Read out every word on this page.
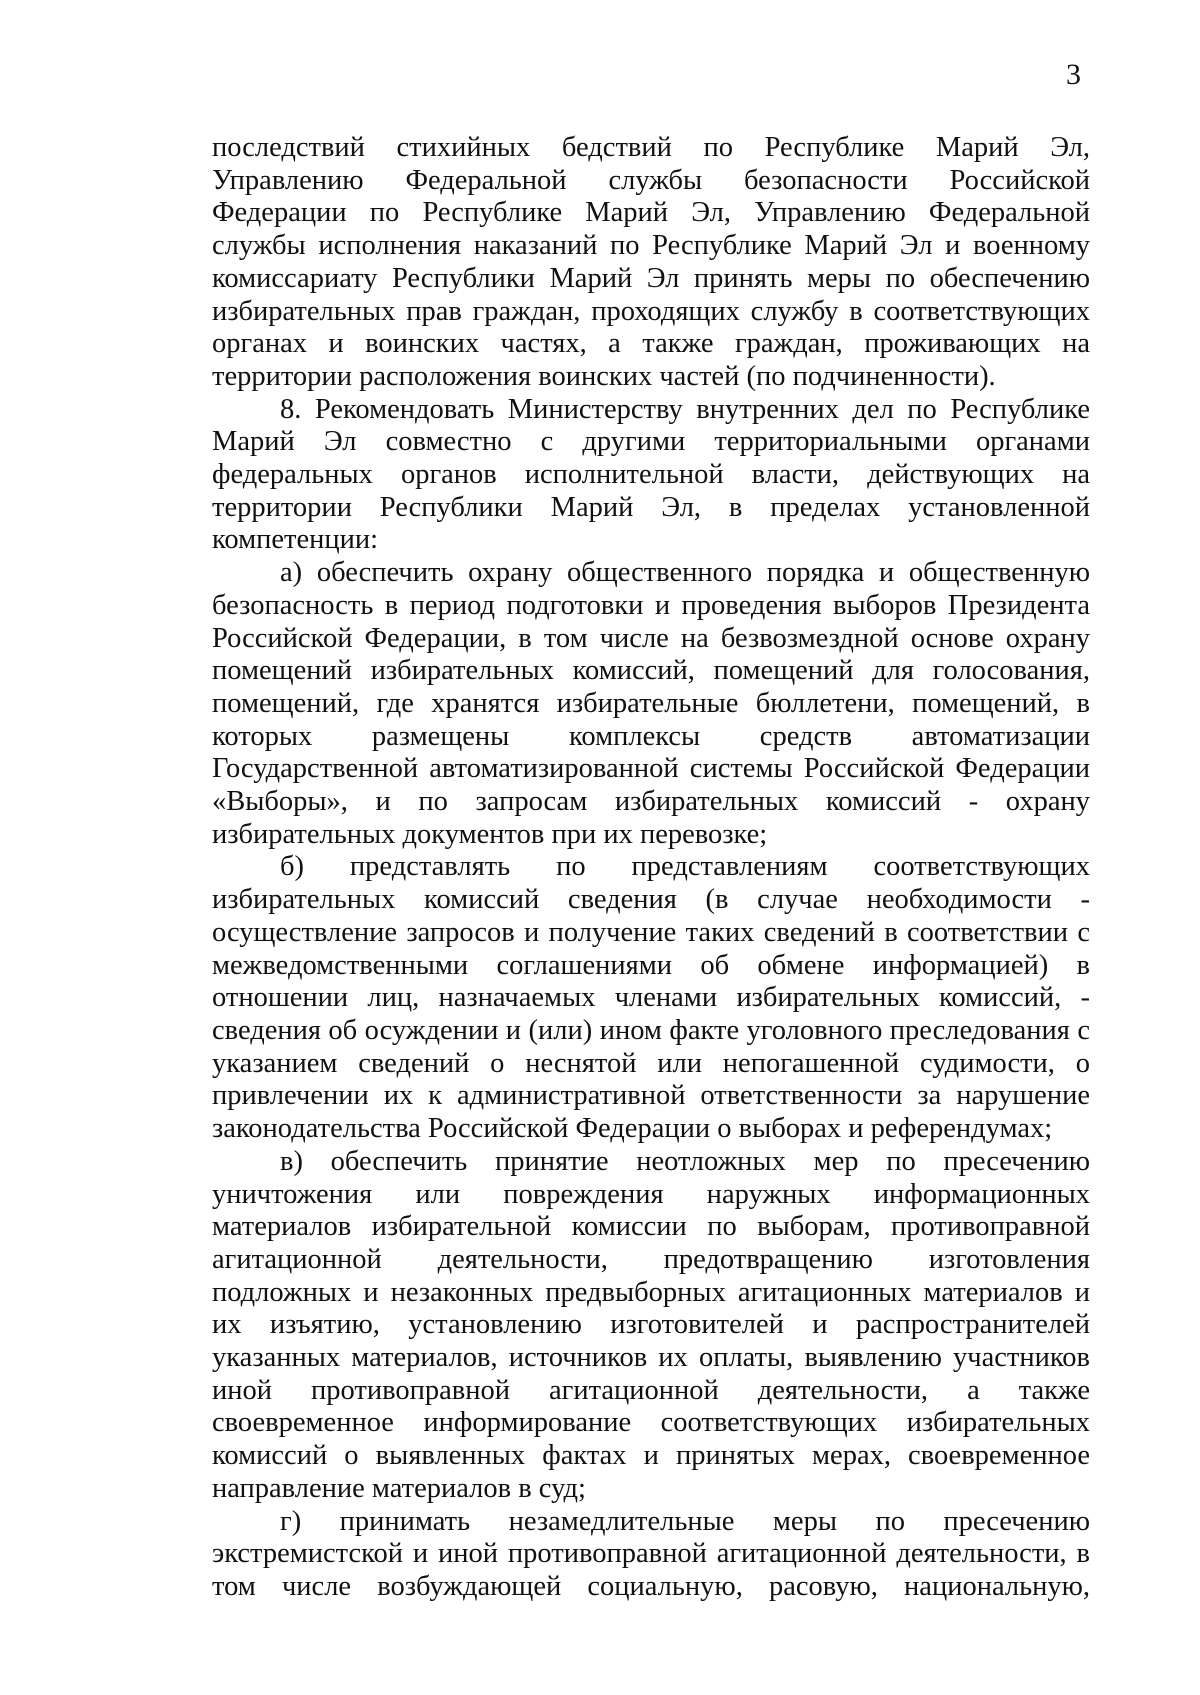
3

последствий стихийных бедствий по Республике Марий Эл, Управлению Федеральной службы безопасности Российской Федерации по Республике Марий Эл, Управлению Федеральной службы исполнения наказаний по Республике Марий Эл и военному комиссариату Республики Марий Эл принять меры по обеспечению избирательных прав граждан, проходящих службу в соответствующих органах и воинских частях, а также граждан, проживающих на территории расположения воинских частей (по подчиненности).

8. Рекомендовать Министерству внутренних дел по Республике Марий Эл совместно с другими территориальными органами федеральных органов исполнительной власти, действующих на территории Республики Марий Эл, в пределах установленной компетенции:

а) обеспечить охрану общественного порядка и общественную безопасность в период подготовки и проведения выборов Президента Российской Федерации, в том числе на безвозмездной основе охрану помещений избирательных комиссий, помещений для голосования, помещений, где хранятся избирательные бюллетени, помещений, в которых размещены комплексы средств автоматизации Государственной автоматизированной системы Российской Федерации «Выборы», и по запросам избирательных комиссий - охрану избирательных документов при их перевозке;

б) представлять по представлениям соответствующих избирательных комиссий сведения (в случае необходимости - осуществление запросов и получение таких сведений в соответствии с межведомственными соглашениями об обмене информацией) в отношении лиц, назначаемых членами избирательных комиссий, - сведения об осуждении и (или) ином факте уголовного преследования с указанием сведений о неснятой или непогашенной судимости, о привлечении их к административной ответственности за нарушение законодательства Российской Федерации о выборах и референдумах;

в) обеспечить принятие неотложных мер по пресечению уничтожения или повреждения наружных информационных материалов избирательной комиссии по выборам, противоправной агитационной деятельности, предотвращению изготовления подложных и незаконных предвыборных агитационных материалов и их изъятию, установлению изготовителей и распространителей указанных материалов, источников их оплаты, выявлению участников иной противоправной агитационной деятельности, а также своевременное информирование соответствующих избирательных комиссий о выявленных фактах и принятых мерах, своевременное направление материалов в суд;

г) принимать незамедлительные меры по пресечению экстремистской и иной противоправной агитационной деятельности, в том числе возбуждающей социальную, расовую, национальную,
